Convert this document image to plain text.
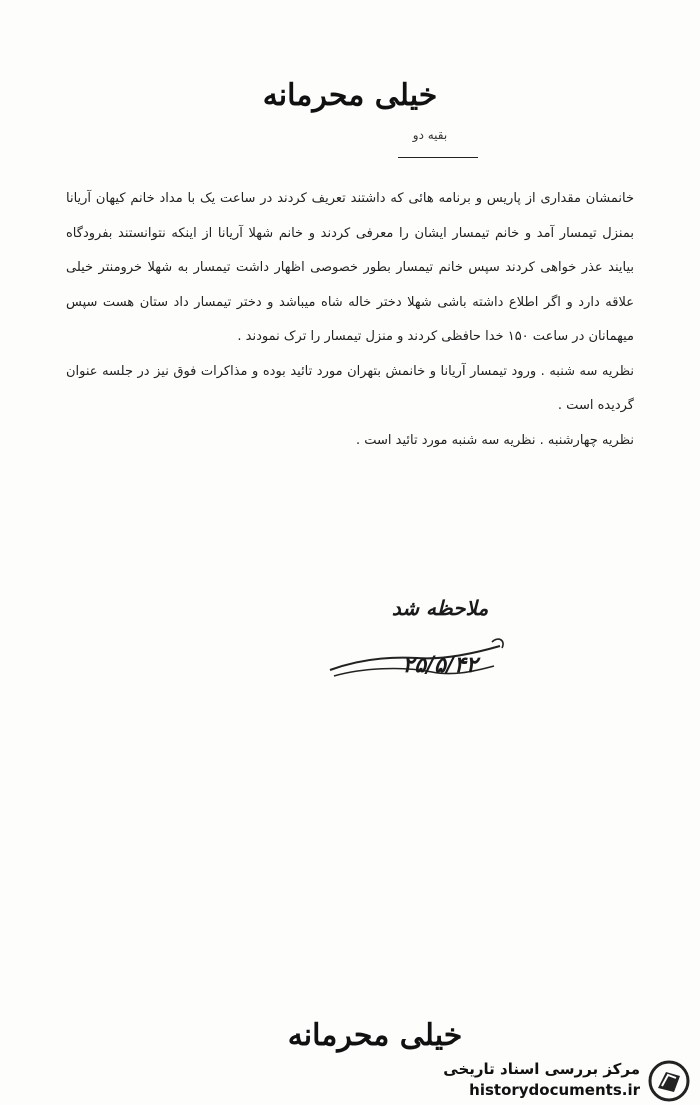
خیلی محرمانه
بقیه دو

خانمشان مقداری از پاریس و برنامه هائی که داشتند تعریف کردند در ساعت یک با مداد خانم کیهان آریانا بمنزل تیمسار آمد و خانم تیمسار ایشان را معرفی کردند و خانم شهلا آریانا از اینکه نتوانستند بفرودگاه بیایند عذر خواهی کردند سپس خانم تیمسار بطور خصوصی اظهار داشت تیمسار به شهلا خرومنتر خیلی علاقه دارد و اگر اطلاع داشته باشی شهلا دختر خاله شاه میباشد و دختر تیمسار داد ستان هست سپس میهمانان در ساعت ۱۵۰ خدا حافظی کردند و منزل تیمسار را ترک نمودند .

نظریه سه شنبه . ورود تیمسار آریانا و خانمش بتهران مورد تائید بوده و مذاکرات فوق نیز در جلسه عنوان گردیده است .

نظریه چهارشنبه . نظریه سه شنبه مورد تائید است .

ملاحظه شد
۲۵/۵/۴۲
خیلی محرمانه
مرکز بررسی اسناد تاریخی
historydocuments.ir
